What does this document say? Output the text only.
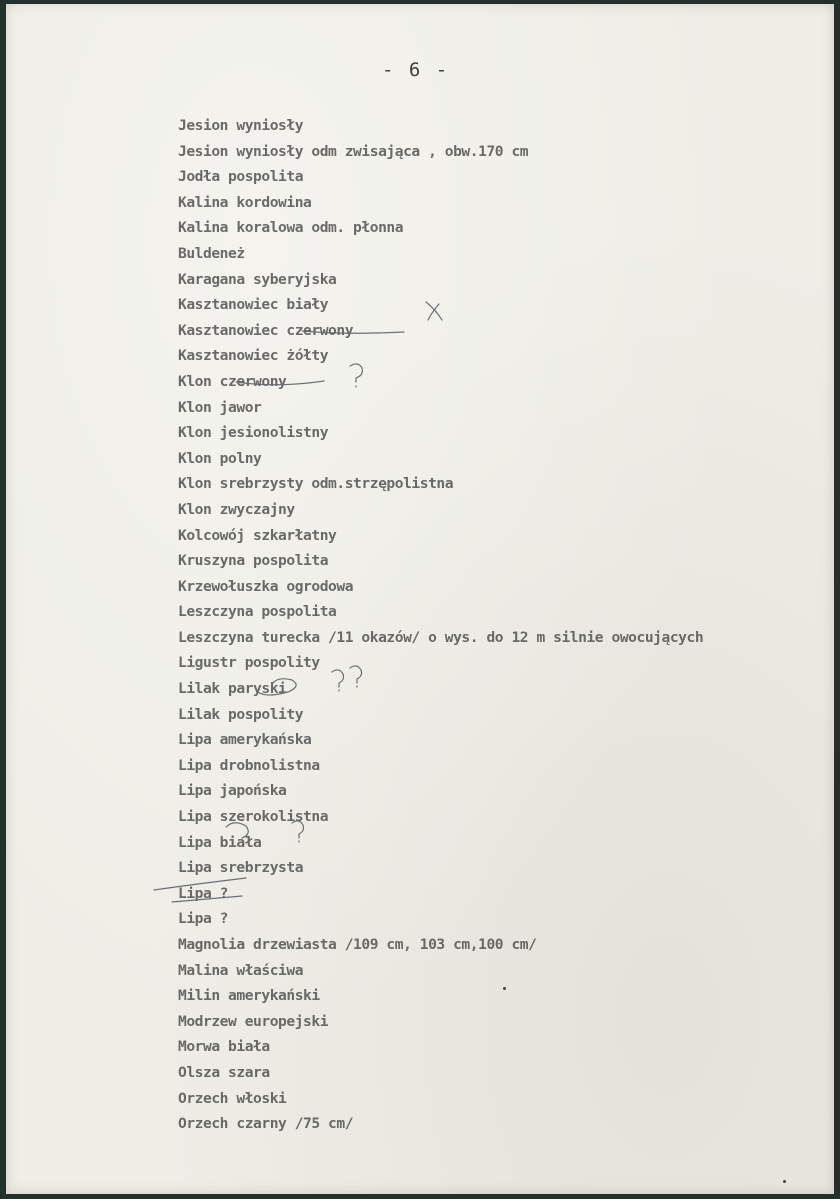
- 6 -
Jesion wyniosły
Jesion wyniosły odm zwisająca , obw.170 cm
Jodła pospolita
Kalina kordowina
Kalina koralowa odm. płonna
Buldeneż
Karagana syberyjska
Kasztanowiec biały
Kasztanowiec czerwony
Kasztanowiec żółty
Klon czerwony
Klon jawor
Klon jesionolistny
Klon polny
Klon srebrzysty odm.strzępolistna
Klon zwyczajny
Kolcowój szkarłatny
Kruszyna pospolita
Krzewołuszka ogrodowa
Leszczyna pospolita
Leszczyna turecka /11 okazów/ o wys. do 12 m silnie owocujących
Ligustr pospolity
Lilak paryski
Lilak pospolity
Lipa amerykańska
Lipa drobnolistna
Lipa japońska
Lipa szerokolistna
Lipa biała
Lipa srebrzysta
Lipa ?
Lipa ?
Magnolia drzewiasta /109 cm, 103 cm,100 cm/
Malina właściwa
Milin amerykański
Modrzew europejski
Morwa biała
Olsza szara
Orzech włoski
Orzech czarny /75 cm/
